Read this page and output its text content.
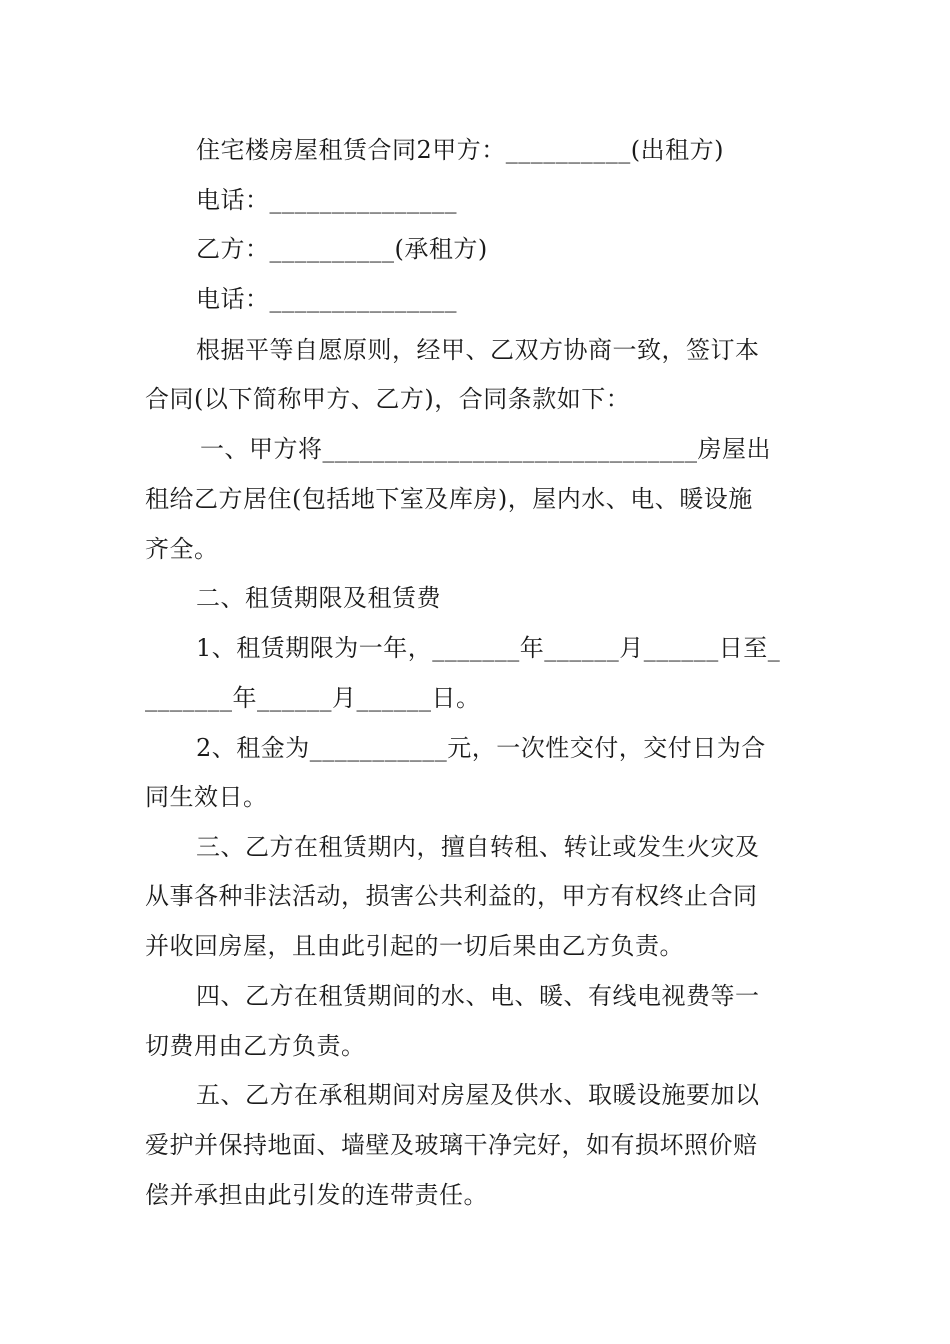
住宅楼房屋租赁合同2甲方：__________(出租方)
电话：_______________
乙方：__________(承租方)
电话：_______________
根据平等自愿原则，经甲、乙双方协商一致，签订本
合同(以下简称甲方、乙方)，合同条款如下：
一、甲方将______________________________房屋出
租给乙方居住(包括地下室及库房)，屋内水、电、暖设施
齐全。
二、租赁期限及租赁费
1、租赁期限为一年，_______年______月______日至_
_______年______月______日。
2、租金为___________元，一次性交付，交付日为合
同生效日。
三、乙方在租赁期内，擅自转租、转让或发生火灾及
从事各种非法活动，损害公共利益的，甲方有权终止合同
并收回房屋，且由此引起的一切后果由乙方负责。
四、乙方在租赁期间的水、电、暖、有线电视费等一
切费用由乙方负责。
五、乙方在承租期间对房屋及供水、取暖设施要加以
爱护并保持地面、墙壁及玻璃干净完好，如有损坏照价赔
偿并承担由此引发的连带责任。
